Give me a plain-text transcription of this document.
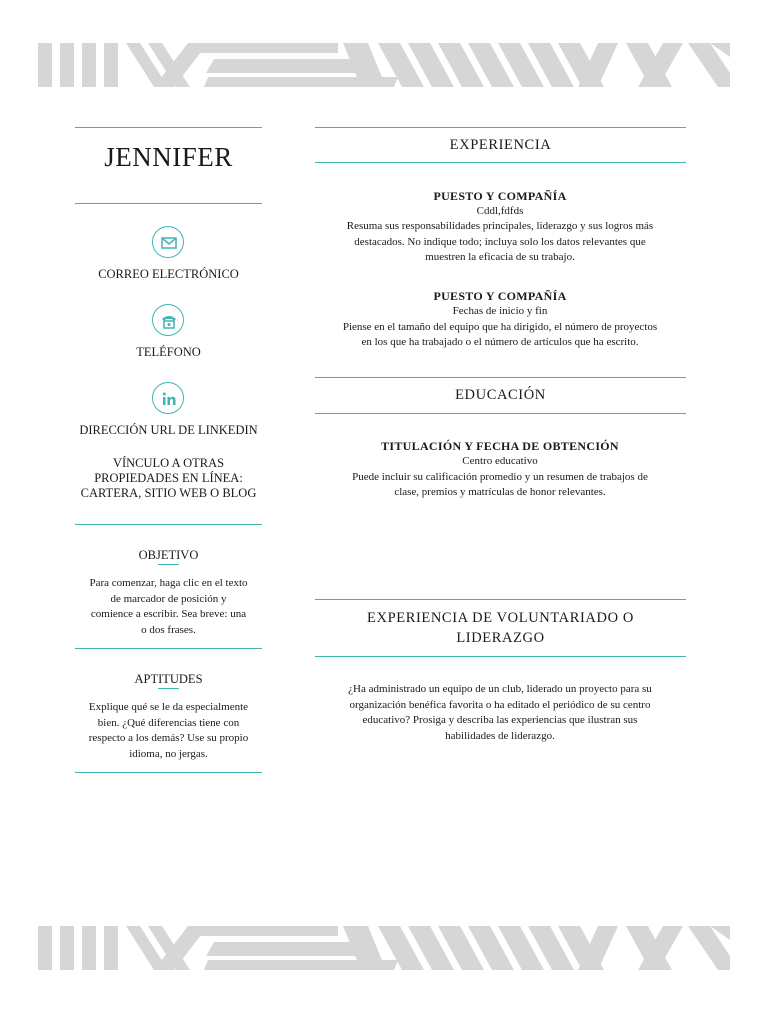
JENNIFER
CORREO ELECTRÓNICO
TELÉFONO
DIRECCIÓN URL DE LINKEDIN
VÍNCULO A OTRAS
PROPIEDADES EN LÍNEA:
CARTERA, SITIO WEB O BLOG
OBJETIVO
Para comenzar, haga clic en el texto
de marcador de posición y
comience a escribir. Sea breve: una
o dos frases.
APTITUDES
Explique qué se le da especialmente
bien. ¿Qué diferencias tiene con
respecto a los demás? Use su propio
idioma, no jergas.
EXPERIENCIA
PUESTO Y COMPAÑÍA
Cddl,fdfds
Resuma sus responsabilidades principales, liderazgo y sus logros más
destacados. No indique todo; incluya solo los datos relevantes que
muestren la eficacia de su trabajo.
PUESTO Y COMPAÑÍA
Fechas de inicio y fin
Piense en el tamaño del equipo que ha dirigido, el número de proyectos
en los que ha trabajado o el número de artículos que ha escrito.
EDUCACIÓN
TITULACIÓN Y FECHA DE OBTENCIÓN
Centro educativo
Puede incluir su calificación promedio y un resumen de trabajos de
clase, premios y matrículas de honor relevantes.
EXPERIENCIA DE VOLUNTARIADO O
LIDERAZGO
¿Ha administrado un equipo de un club, liderado un proyecto para su
organización benéfica favorita o ha editado el periódico de su centro
educativo? Prosiga y describa las experiencias que ilustran sus
habilidades de liderazgo.
